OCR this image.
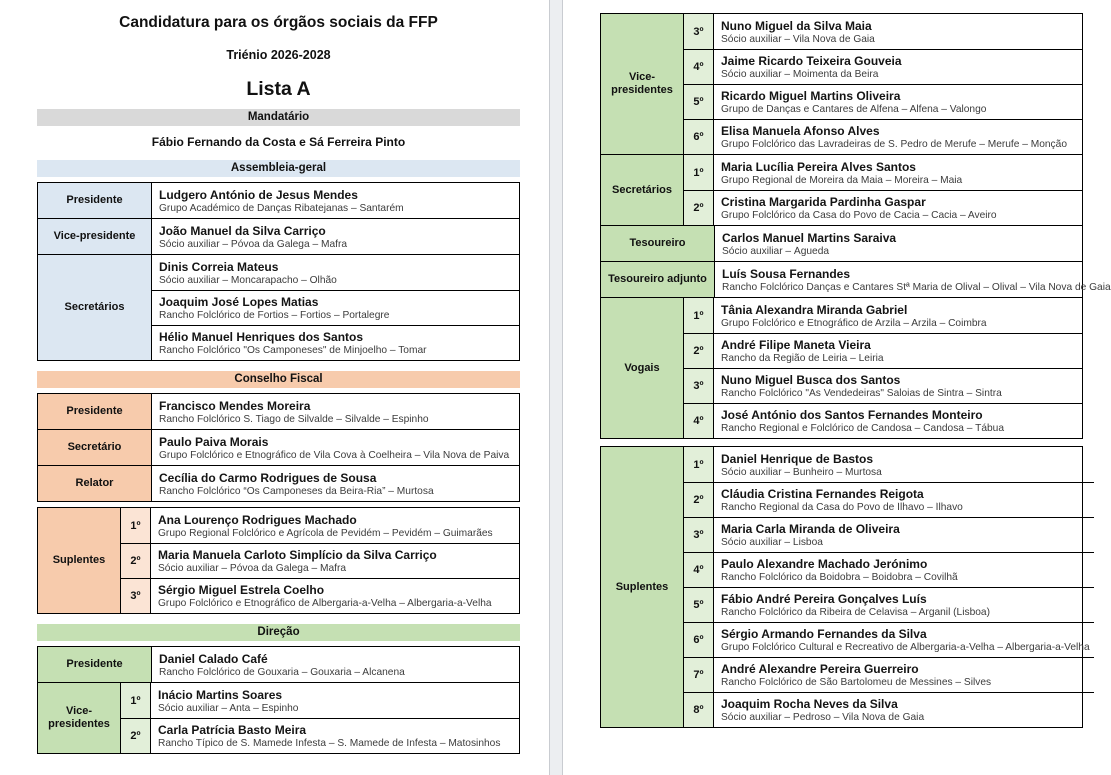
Candidatura para os órgãos sociais da FFP
Triénio 2026-2028
Lista A
Mandatário
Fábio Fernando da Costa e Sá Ferreira Pinto
Assembleia-geral
Presidente	Ludgero António de Jesus Mendes
Grupo Académico de Danças Ribatejanas – Santarém
Vice-presidente	João Manuel da Silva Carriço
Sócio auxiliar – Póvoa da Galega – Mafra
Secretários
Dinis Correia Mateus
Sócio auxiliar – Moncarapacho – Olhão
Joaquim José Lopes Matias
Rancho Folclórico de Fortios – Fortios – Portalegre
Hélio Manuel Henriques dos Santos
Rancho Folclórico "Os Camponeses" de Minjoelho – Tomar
Conselho Fiscal
Presidente	Francisco Mendes Moreira
Rancho Folclórico S. Tiago de Silvalde – Silvalde – Espinho
Secretário	Paulo Paiva Morais
Grupo Folclórico e Etnográfico de Vila Cova à Coelheira – Vila Nova de Paiva
Relator	Cecília do Carmo Rodrigues de Sousa
Rancho Folclórico “Os Camponeses da Beira-Ria” – Murtosa
Suplentes
1º	Ana Lourenço Rodrigues Machado
Grupo Regional Folclórico e Agrícola de Pevidém – Pevidém – Guimarães
2º	Maria Manuela Carloto Simplício da Silva Carriço
Sócio auxiliar – Póvoa da Galega – Mafra
3º	Sérgio Miguel Estrela Coelho
Grupo Folclórico e Etnográfico de Albergaria-a-Velha – Albergaria-a-Velha
Direção
Presidente	Daniel Calado Café
Rancho Folclórico de Gouxaria – Gouxaria – Alcanena
Vice-presidentes
1º	Inácio Martins Soares
Sócio auxiliar – Anta – Espinho
2º	Carla Patrícia Basto Meira
Rancho Típico de S. Mamede Infesta – S. Mamede de Infesta – Matosinhos
Vice-presidentes
3º	Nuno Miguel da Silva Maia
Sócio auxiliar – Vila Nova de Gaia
4º	Jaime Ricardo Teixeira Gouveia
Sócio auxiliar – Moimenta da Beira
5º	Ricardo Miguel Martins Oliveira
Grupo de Danças e Cantares de Alfena – Alfena – Valongo
6º	Elisa Manuela Afonso Alves
Grupo Folclórico das Lavradeiras de S. Pedro de Merufe – Merufe – Monção
Secretários
1º	Maria Lucília Pereira Alves Santos
Grupo Regional de Moreira da Maia – Moreira – Maia
2º	Cristina Margarida Pardinha Gaspar
Grupo Folclórico da Casa do Povo de Cacia – Cacia – Aveiro
Tesoureiro	Carlos Manuel Martins Saraiva
Sócio auxiliar – Águeda
Tesoureiro adjunto	Luís Sousa Fernandes
Rancho Folclórico Danças e Cantares Stª Maria de Olival – Olival – Vila Nova de Gaia
Vogais
1º	Tânia Alexandra Miranda Gabriel
Grupo Folclórico e Etnográfico de Arzila – Arzila – Coimbra
2º	André Filipe Maneta Vieira
Rancho da Região de Leiria – Leiria
3º	Nuno Miguel Busca dos Santos
Rancho Folclórico "As Vendedeiras" Saloias de Sintra – Sintra
4º	José António dos Santos Fernandes Monteiro
Rancho Regional e Folclórico de Candosa – Candosa – Tábua
Suplentes
1º	Daniel Henrique de Bastos
Sócio auxiliar – Bunheiro – Murtosa
2º	Cláudia Cristina Fernandes Reigota
Rancho Regional da Casa do Povo de Ílhavo – Ílhavo
3º	Maria Carla Miranda de Oliveira
Sócio auxiliar – Lisboa
4º	Paulo Alexandre Machado Jerónimo
Rancho Folclórico da Boidobra – Boidobra – Covilhã
5º	Fábio André Pereira Gonçalves Luís
Rancho Folclórico da Ribeira de Celavisa – Arganil (Lisboa)
6º	Sérgio Armando Fernandes da Silva
Grupo Folclórico Cultural e Recreativo de Albergaria-a-Velha – Albergaria-a-Velha
7º	André Alexandre Pereira Guerreiro
Rancho Folclórico de São Bartolomeu de Messines – Silves
8º	Joaquim Rocha Neves da Silva
Sócio auxiliar – Pedroso – Vila Nova de Gaia
